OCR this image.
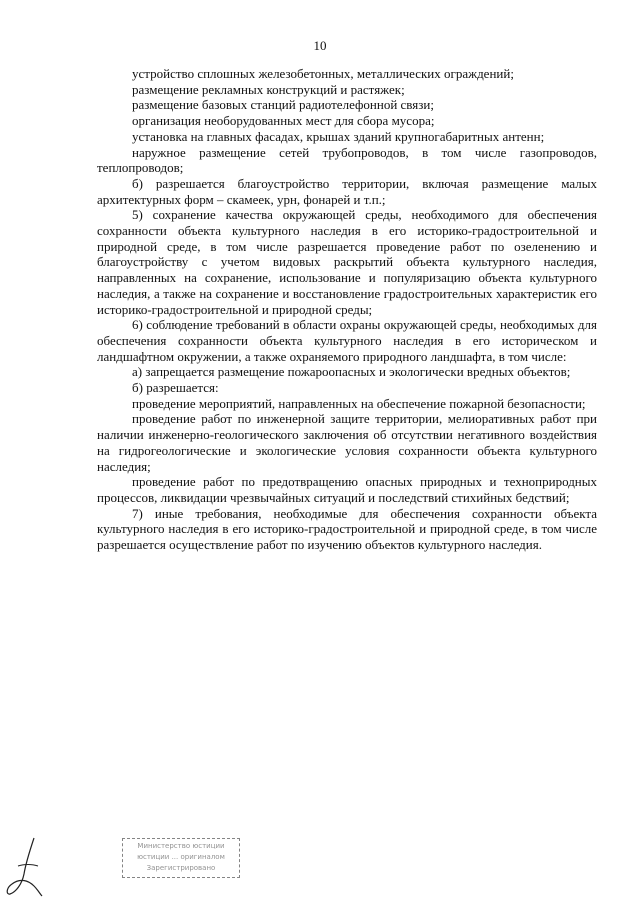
10

устройство сплошных железобетонных, металлических ограждений;

размещение рекламных конструкций и растяжек;

размещение базовых станций радиотелефонной связи;

организация необорудованных мест для сбора мусора;

установка на главных фасадах, крышах зданий крупногабаритных антенн;

наружное размещение сетей трубопроводов, в том числе газопроводов, теплопроводов;

б) разрешается благоустройство территории, включая размещение малых архитектурных форм – скамеек, урн, фонарей и т.п.;

5) сохранение качества окружающей среды, необходимого для обеспечения сохранности объекта культурного наследия в его историко-градостроительной и природной среде, в том числе разрешается проведение работ по озеленению и благоустройству с учетом видовых раскрытий объекта культурного наследия, направленных на сохранение, использование и популяризацию объекта культурного наследия, а также на сохранение и восстановление градостроительных характеристик его историко-градостроительной и природной среды;

6) соблюдение требований в области охраны окружающей среды, необходимых для обеспечения сохранности объекта культурного наследия в его историческом и ландшафтном окружении, а также охраняемого природного ландшафта, в том числе:

а) запрещается размещение пожароопасных и экологически вредных объектов;

б) разрешается:

проведение мероприятий, направленных на обеспечение пожарной безопасности;

проведение работ по инженерной защите территории, мелиоративных работ при наличии инженерно-геологического заключения об отсутствии негативного воздействия на гидрогеологические и экологические условия сохранности объекта культурного наследия;

проведение работ по предотвращению опасных природных и техноприродных процессов, ликвидации чрезвычайных ситуаций и последствий стихийных бедствий;

7) иные требования, необходимые для обеспечения сохранности объекта культурного наследия в его историко-градостроительной и природной среде, в том числе разрешается осуществление работ по изучению объектов культурного наследия.

Министерство юстиции
юстиции ... оригиналом
Зарегистрировано
